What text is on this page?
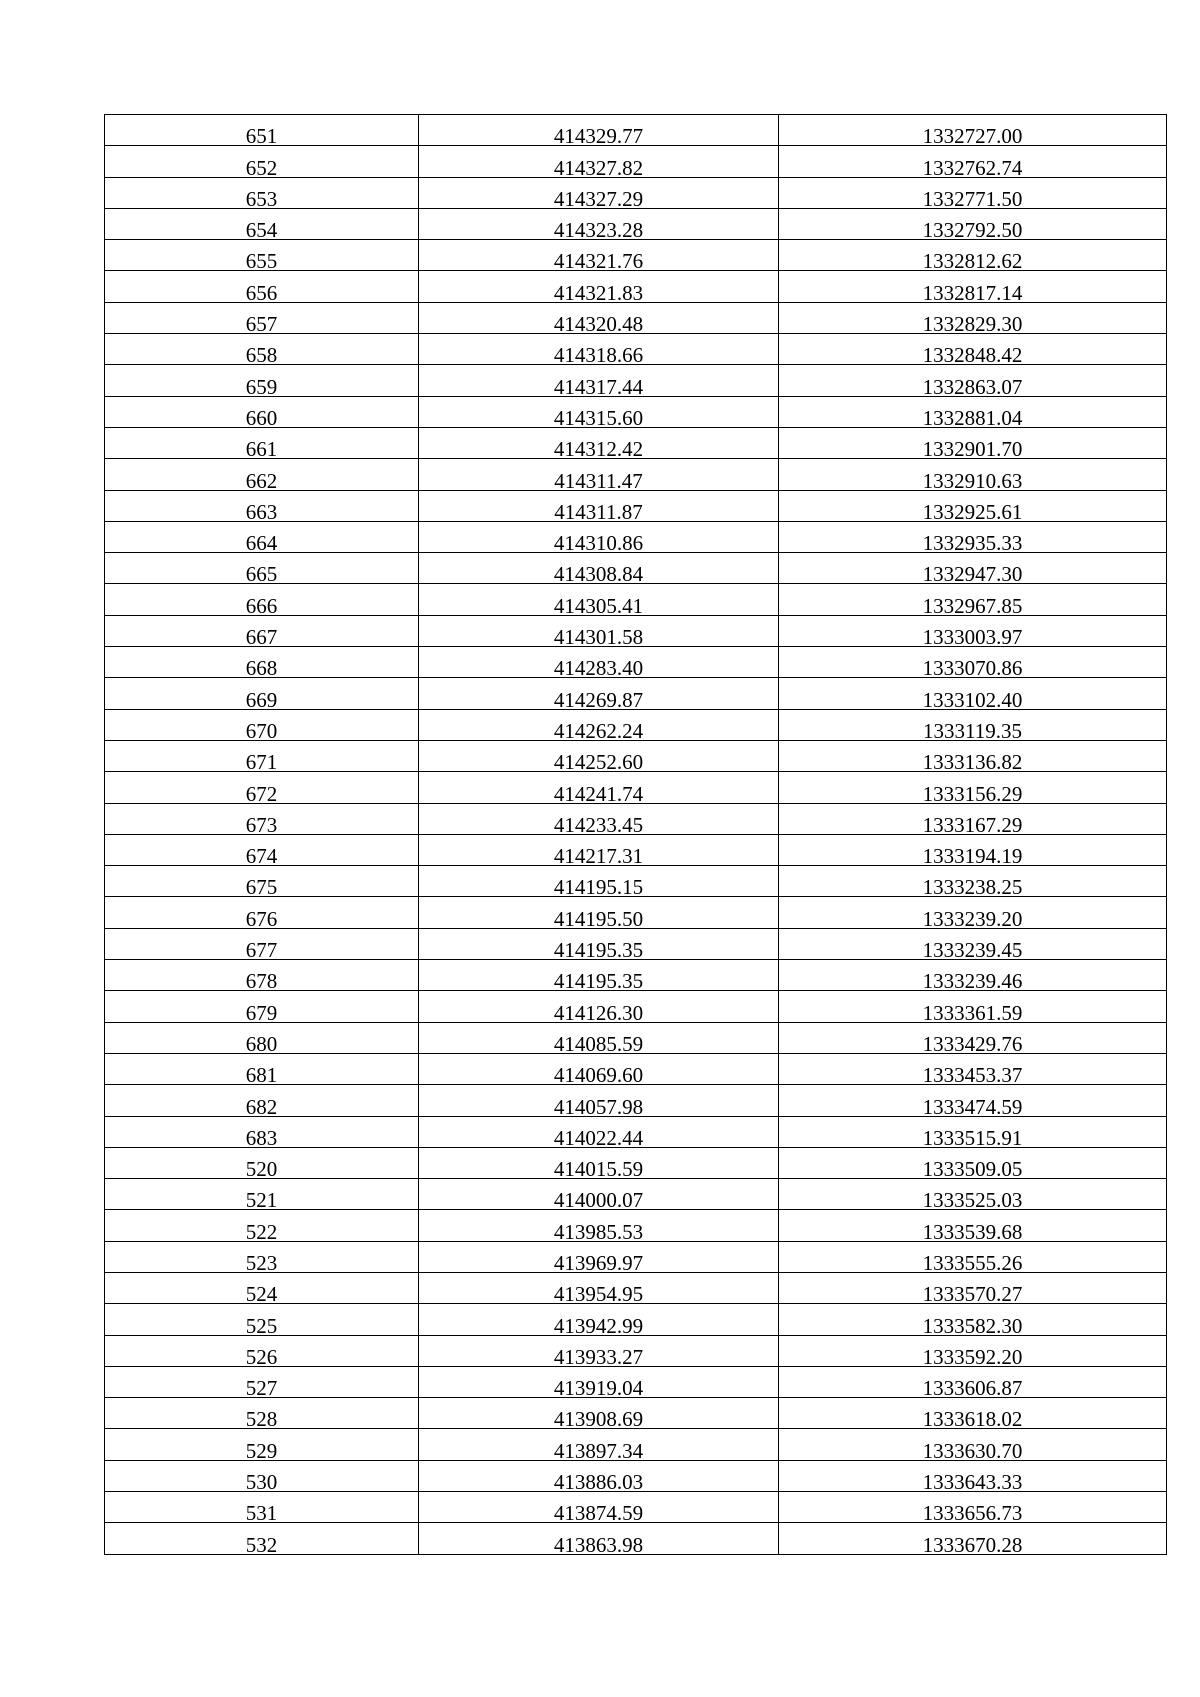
651	414329.77	1332727.00
652	414327.82	1332762.74
653	414327.29	1332771.50
654	414323.28	1332792.50
655	414321.76	1332812.62
656	414321.83	1332817.14
657	414320.48	1332829.30
658	414318.66	1332848.42
659	414317.44	1332863.07
660	414315.60	1332881.04
661	414312.42	1332901.70
662	414311.47	1332910.63
663	414311.87	1332925.61
664	414310.86	1332935.33
665	414308.84	1332947.30
666	414305.41	1332967.85
667	414301.58	1333003.97
668	414283.40	1333070.86
669	414269.87	1333102.40
670	414262.24	1333119.35
671	414252.60	1333136.82
672	414241.74	1333156.29
673	414233.45	1333167.29
674	414217.31	1333194.19
675	414195.15	1333238.25
676	414195.50	1333239.20
677	414195.35	1333239.45
678	414195.35	1333239.46
679	414126.30	1333361.59
680	414085.59	1333429.76
681	414069.60	1333453.37
682	414057.98	1333474.59
683	414022.44	1333515.91
520	414015.59	1333509.05
521	414000.07	1333525.03
522	413985.53	1333539.68
523	413969.97	1333555.26
524	413954.95	1333570.27
525	413942.99	1333582.30
526	413933.27	1333592.20
527	413919.04	1333606.87
528	413908.69	1333618.02
529	413897.34	1333630.70
530	413886.03	1333643.33
531	413874.59	1333656.73
532	413863.98	1333670.28
